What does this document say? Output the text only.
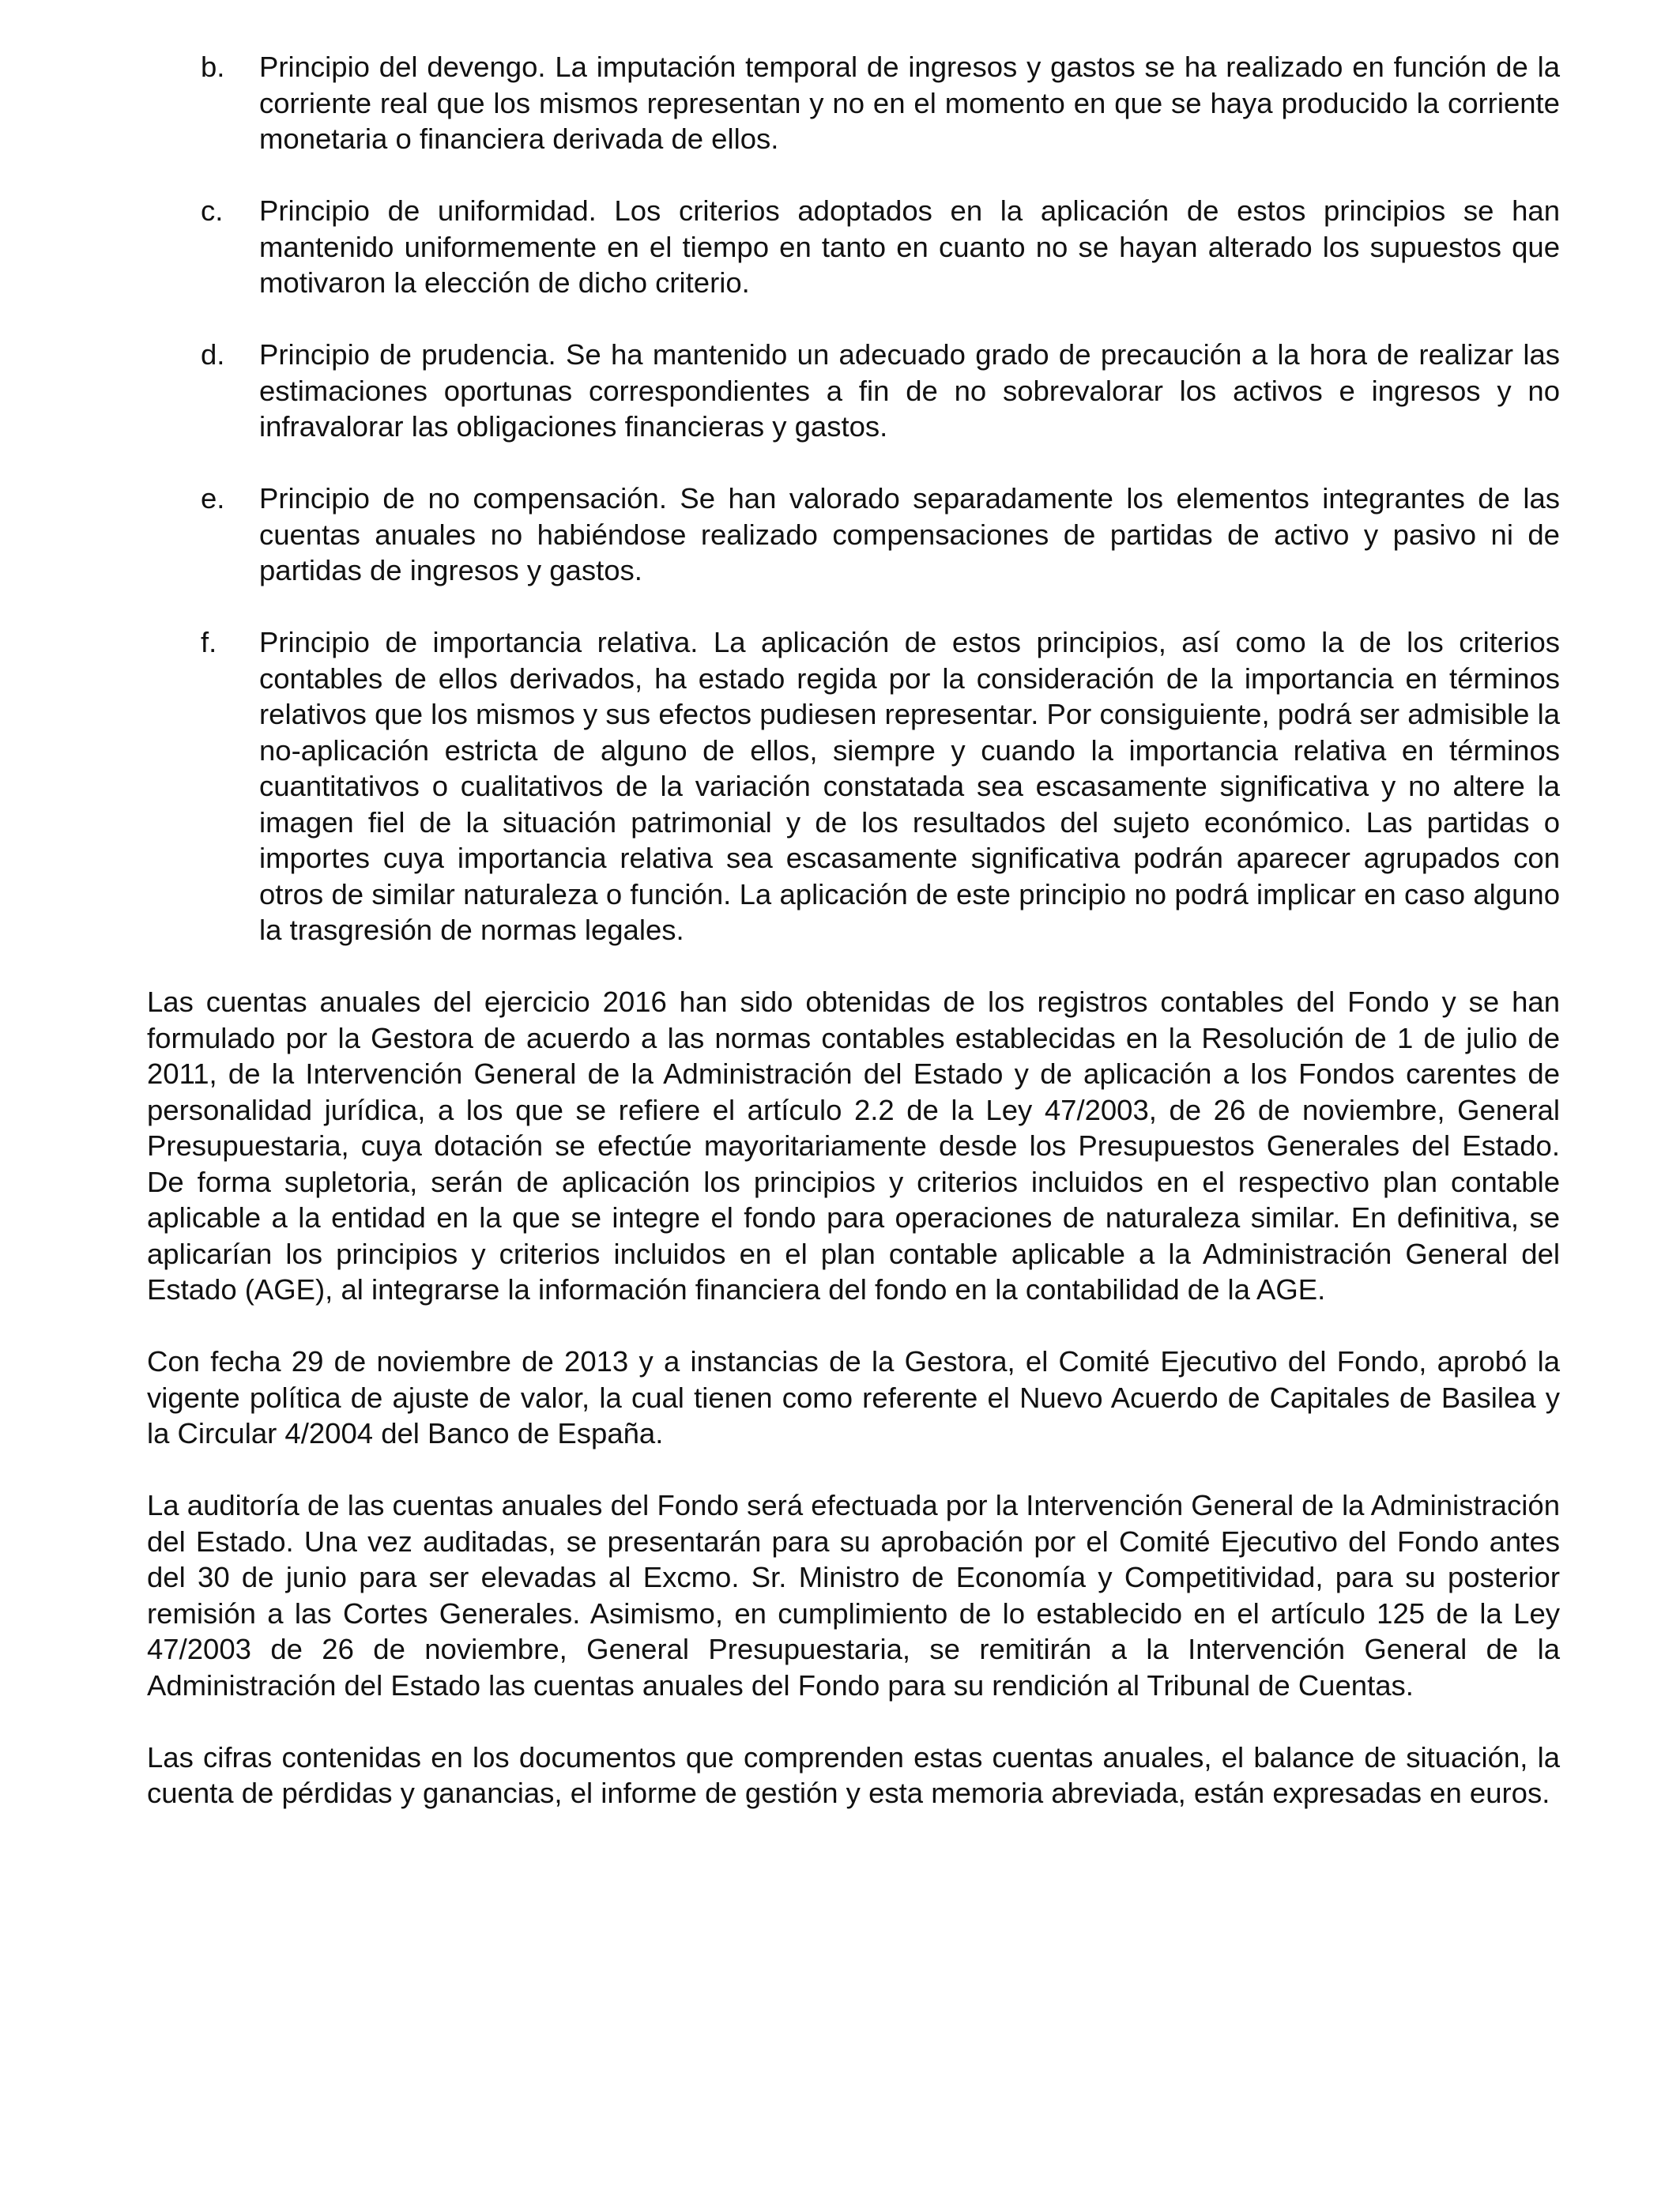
b. Principio del devengo. La imputación temporal de ingresos y gastos se ha realizado en función de la corriente real que los mismos representan y no en el momento en que se haya producido la corriente monetaria o financiera derivada de ellos.
c. Principio de uniformidad. Los criterios adoptados en la aplicación de estos principios se han mantenido uniformemente en el tiempo en tanto en cuanto no se hayan alterado los supuestos que motivaron la elección de dicho criterio.
d. Principio de prudencia. Se ha mantenido un adecuado grado de precaución a la hora de realizar las estimaciones oportunas correspondientes a fin de no sobrevalorar los activos e ingresos y no infravalorar las obligaciones financieras y gastos.
e. Principio de no compensación. Se han valorado separadamente los elementos integrantes de las cuentas anuales no habiéndose realizado compensaciones de partidas de activo y pasivo ni de partidas de ingresos y gastos.
f. Principio de importancia relativa. La aplicación de estos principios, así como la de los criterios contables de ellos derivados, ha estado regida por la consideración de la importancia en términos relativos que los mismos y sus efectos pudiesen representar. Por consiguiente, podrá ser admisible la no-aplicación estricta de alguno de ellos, siempre y cuando la importancia relativa en términos cuantitativos o cualitativos de la variación constatada sea escasamente significativa y no altere la imagen fiel de la situación patrimonial y de los resultados del sujeto económico. Las partidas o importes cuya importancia relativa sea escasamente significativa podrán aparecer agrupados con otros de similar naturaleza o función. La aplicación de este principio no podrá implicar en caso alguno la trasgresión de normas legales.

Las cuentas anuales del ejercicio 2016 han sido obtenidas de los registros contables del Fondo y se han formulado por la Gestora de acuerdo a las normas contables establecidas en la Resolución de 1 de julio de 2011, de la Intervención General de la Administración del Estado y de aplicación a los Fondos carentes de personalidad jurídica, a los que se refiere el artículo 2.2 de la Ley 47/2003, de 26 de noviembre, General Presupuestaria, cuya dotación se efectúe mayoritariamente desde los Presupuestos Generales del Estado. De forma supletoria, serán de aplicación los principios y criterios incluidos en el respectivo plan contable aplicable a la entidad en la que se integre el fondo para operaciones de naturaleza similar. En definitiva, se aplicarían los principios y criterios incluidos en el plan contable aplicable a la Administración General del Estado (AGE), al integrarse la información financiera del fondo en la contabilidad de la AGE.

Con fecha 29 de noviembre de 2013 y a instancias de la Gestora, el Comité Ejecutivo del Fondo, aprobó la vigente política de ajuste de valor, la cual tienen como referente el Nuevo Acuerdo de Capitales de Basilea y la Circular 4/2004 del Banco de España.

La auditoría de las cuentas anuales del Fondo será efectuada por la Intervención General de la Administración del Estado. Una vez auditadas, se presentarán para su aprobación por el Comité Ejecutivo del Fondo antes del 30 de junio para ser elevadas al Excmo. Sr. Ministro de Economía y Competitividad, para su posterior remisión a las Cortes Generales. Asimismo, en cumplimiento de lo establecido en el artículo 125 de la Ley 47/2003 de 26 de noviembre, General Presupuestaria, se remitirán a la Intervención General de la Administración del Estado las cuentas anuales del Fondo para su rendición al Tribunal de Cuentas.

Las cifras contenidas en los documentos que comprenden estas cuentas anuales, el balance de situación, la cuenta de pérdidas y ganancias, el informe de gestión y esta memoria abreviada, están expresadas en euros.
